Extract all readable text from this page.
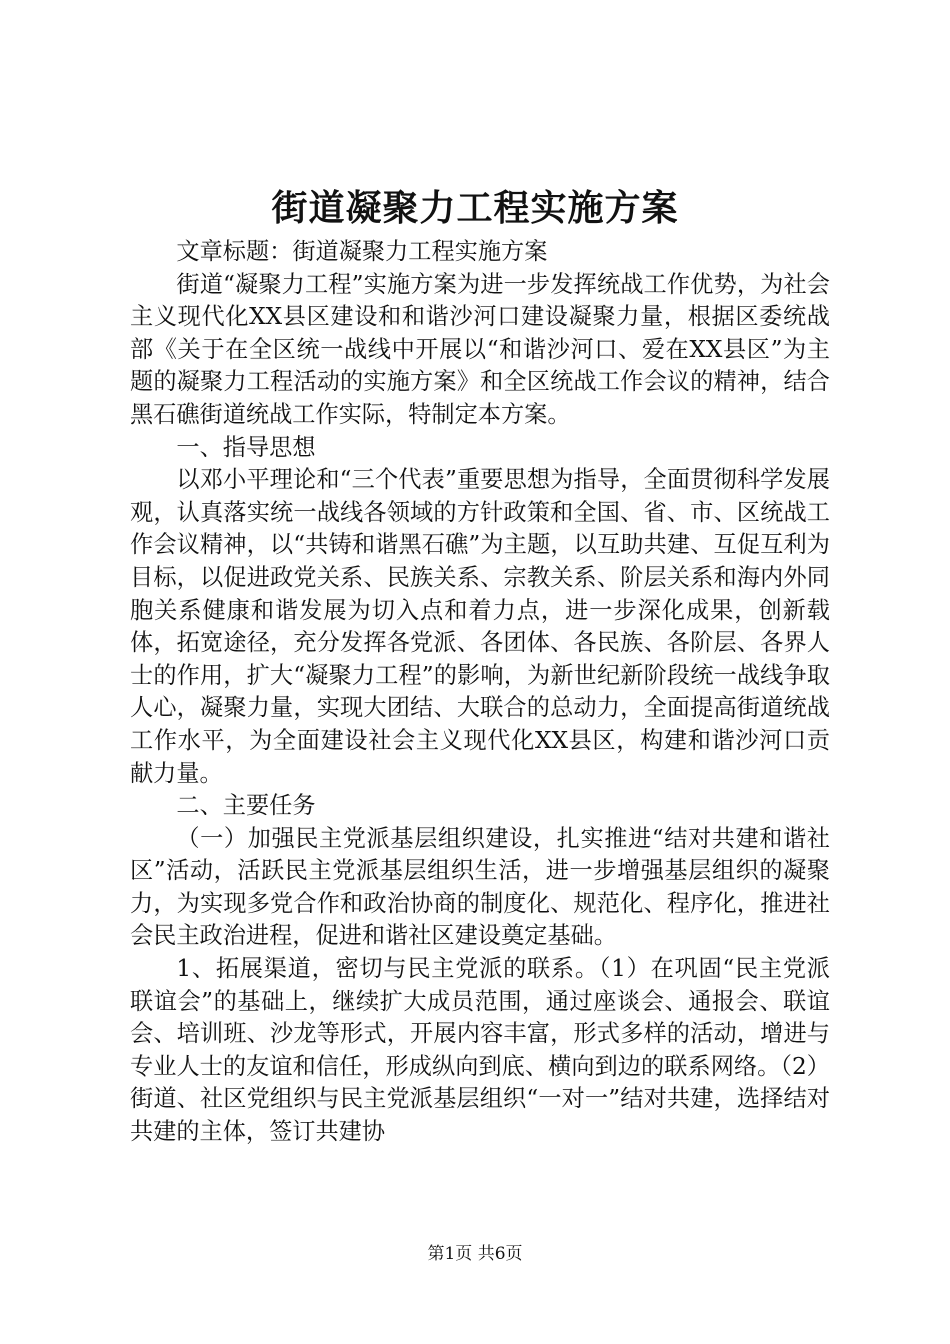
街道凝聚力工程实施方案

文章标题：街道凝聚力工程实施方案

街道“凝聚力工程”实施方案为进一步发挥统战工作优势，为社会主义现代化XX县区建设和和谐沙河口建设凝聚力量，根据区委统战部《关于在全区统一战线中开展以“和谐沙河口、爱在XX县区”为主题的凝聚力工程活动的实施方案》和全区统战工作会议的精神，结合黑石礁街道统战工作实际，特制定本方案。

一、指导思想

以邓小平理论和“三个代表”重要思想为指导，全面贯彻科学发展观，认真落实统一战线各领域的方针政策和全国、省、市、区统战工作会议精神，以“共铸和谐黑石礁”为主题，以互助共建、互促互利为目标，以促进政党关系、民族关系、宗教关系、阶层关系和海内外同胞关系健康和谐发展为切入点和着力点，进一步深化成果，创新载体，拓宽途径，充分发挥各党派、各团体、各民族、各阶层、各界人士的作用，扩大“凝聚力工程”的影响，为新世纪新阶段统一战线争取人心，凝聚力量，实现大团结、大联合的总动力，全面提高街道统战工作水平，为全面建设社会主义现代化XX县区，构建和谐沙河口贡献力量。

二、主要任务

（一）加强民主党派基层组织建设，扎实推进“结对共建和谐社区”活动，活跃民主党派基层组织生活，进一步增强基层组织的凝聚力，为实现多党合作和政治协商的制度化、规范化、程序化，推进社会民主政治进程，促进和谐社区建设奠定基础。

1、拓展渠道，密切与民主党派的联系。（1）在巩固“民主党派联谊会”的基础上，继续扩大成员范围，通过座谈会、通报会、联谊会、培训班、沙龙等形式，开展内容丰富，形式多样的活动，增进与专业人士的友谊和信任，形成纵向到底、横向到边的联系网络。（2）街道、社区党组织与民主党派基层组织“一对一”结对共建，选择结对共建的主体，签订共建协

第1页 共6页
